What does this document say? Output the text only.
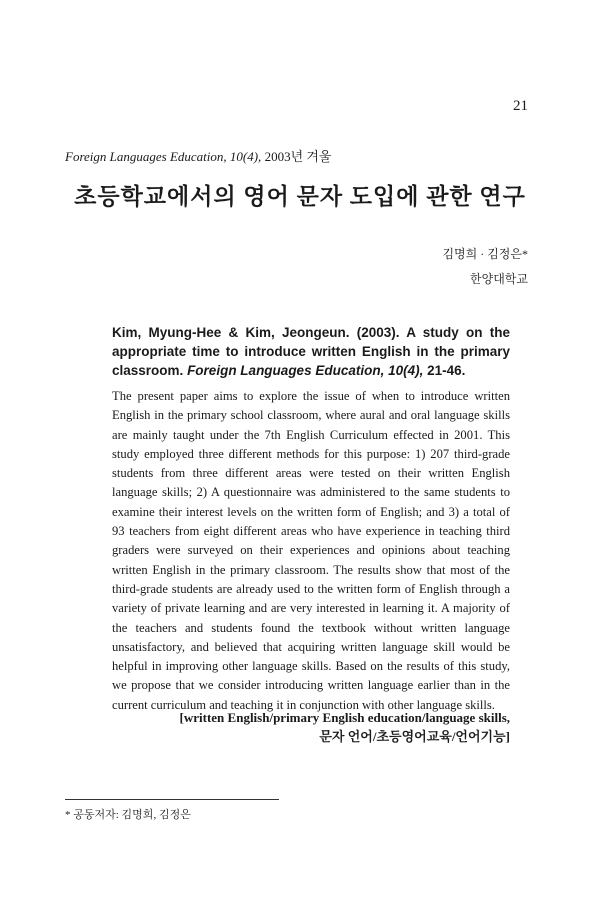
21
Foreign Languages Education, 10(4), 2003년 겨울
초등학교에서의 영어 문자 도입에 관한 연구
김명희 · 김정은*
한양대학교
Kim, Myung-Hee & Kim, Jeongeun. (2003). A study on the appropriate time to introduce written English in the primary classroom. Foreign Languages Education, 10(4), 21-46.
The present paper aims to explore the issue of when to introduce written English in the primary school classroom, where aural and oral language skills are mainly taught under the 7th English Curriculum effected in 2001. This study employed three different methods for this purpose: 1) 207 third-grade students from three different areas were tested on their written English language skills; 2) A questionnaire was administered to the same students to examine their interest levels on the written form of English; and 3) a total of 93 teachers from eight different areas who have experience in teaching third graders were surveyed on their experiences and opinions about teaching written English in the primary classroom. The results show that most of the third-grade students are already used to the written form of English through a variety of private learning and are very interested in learning it. A majority of the teachers and students found the textbook without written language unsatisfactory, and believed that acquiring written language skill would be helpful in improving other language skills. Based on the results of this study, we propose that we consider introducing written language earlier than in the current curriculum and teaching it in conjunction with other language skills.
[written English/primary English education/language skills,
문자 언어/초등영어교육/언어기능]
* 공동저자: 김명희, 김정은
